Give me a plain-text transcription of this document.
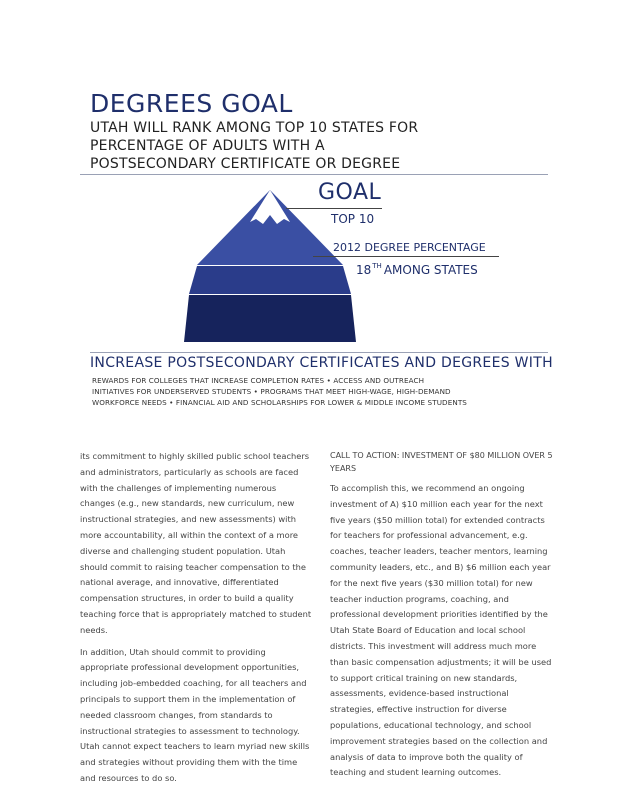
DEGREES GOAL
UTAH WILL RANK AMONG TOP 10 STATES FOR
PERCENTAGE OF ADULTS WITH A
POSTSECONDARY CERTIFICATE OR DEGREE
GOAL
TOP 10
2012 DEGREE PERCENTAGE
18TH AMONG STATES
INCREASE POSTSECONDARY CERTIFICATES AND DEGREES WITH
REWARDS FOR COLLEGES THAT INCREASE COMPLETION RATES • ACCESS AND OUTREACH
INITIATIVES FOR UNDERSERVED STUDENTS • PROGRAMS THAT MEET HIGH-WAGE, HIGH-DEMAND
WORKFORCE NEEDS • FINANCIAL AID AND SCHOLARSHIPS FOR LOWER & MIDDLE INCOME STUDENTS

its commitment to highly skilled public school teachers and administrators, particularly as schools are faced with the challenges of implementing numerous changes (e.g., new standards, new curriculum, new instructional strategies, and new assessments) with more accountability, all within the context of a more diverse and challenging student population. Utah should commit to raising teacher compensation to the national average, and innovative, differentiated compensation structures, in order to build a quality teaching force that is appropriately matched to student needs.

In addition, Utah should commit to providing appropriate professional development opportunities, including job-embedded coaching, for all teachers and principals to support them in the implementation of needed classroom changes, from standards to instructional strategies to assessment to technology. Utah cannot expect teachers to learn myriad new skills and strategies without providing them with the time and resources to do so.

CALL TO ACTION: INVESTMENT OF $80 MILLION OVER 5 YEARS

To accomplish this, we recommend an ongoing investment of A) $10 million each year for the next five years ($50 million total) for extended contracts for teachers for professional advancement, e.g. coaches, teacher leaders, teacher mentors, learning community leaders, etc., and B) $6 million each year for the next five years ($30 million total) for new teacher induction programs, coaching, and professional development priorities identified by the Utah State Board of Education and local school districts. This investment will address much more than basic compensation adjustments; it will be used to support critical training on new standards, assessments, evidence-based instructional strategies, effective instruction for diverse populations, educational technology, and school improvement strategies based on the collection and analysis of data to improve both the quality of teaching and student learning outcomes.
